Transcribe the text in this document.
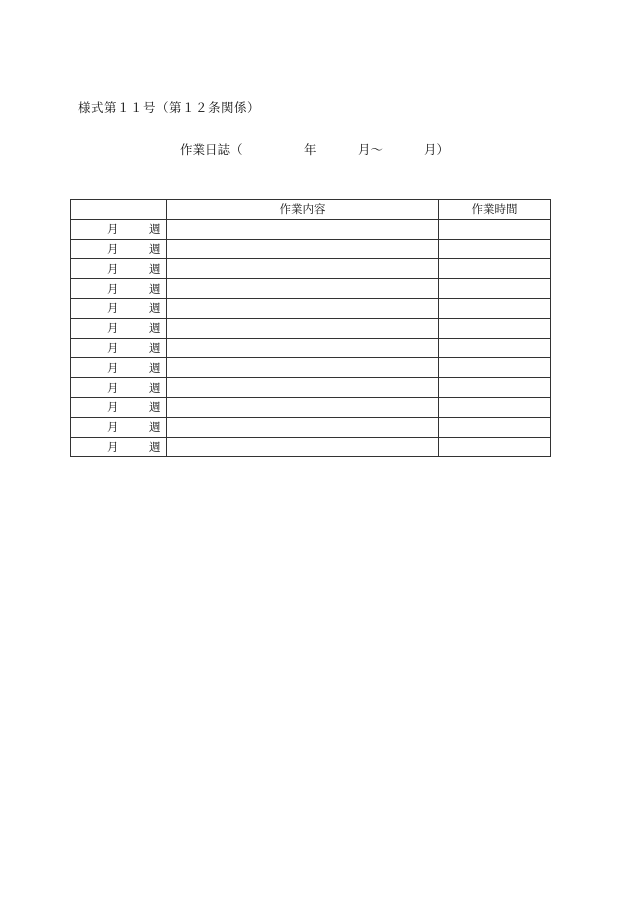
様式第１１号（第１２条関係）
作業日誌（	年	月～	月）
	作業内容	作業時間

月 週		

月 週		

月 週		

月 週		

月 週		

月 週		

月 週		

月 週		

月 週		

月 週		

月 週		

月 週		
